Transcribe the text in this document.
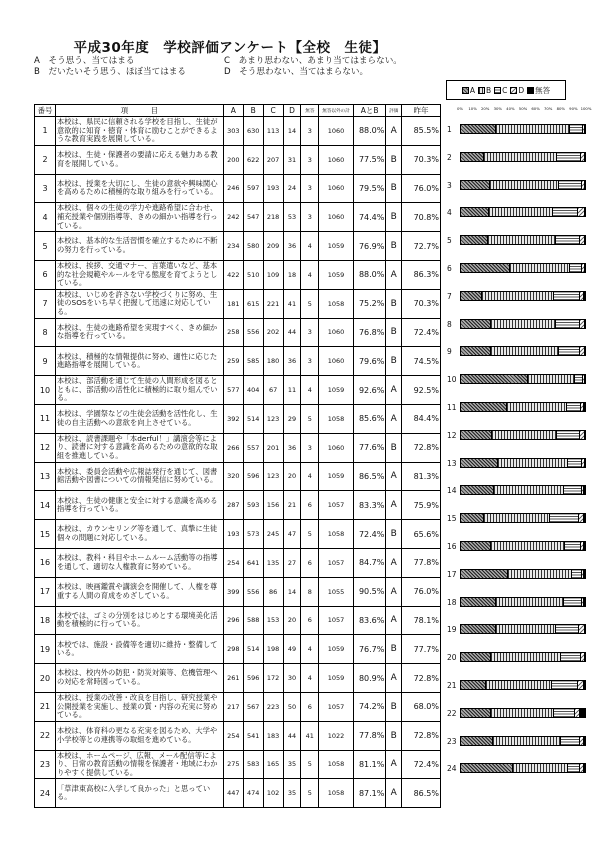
平成30年度　学校評価アンケート【全校　生徒】
A　そう思う、当てはまる	C　あまり思わない、あまり当てはまらない。
B　だいたいそう思う、ほぼ当てはまる	D　そう思わない、当てはまらない。
A B C D 無答
番号	項　　　目	A	B	C	D	無答	無答以外の計	AとB	評価	昨年
1	本校は、県民に信頼される学校を目指し、生徒が意欲的に知育・徳育・体育に励むことができるような教育実践を展開している。	303	630	113	14	3	1060	88.0%	A	85.5%
2	本校は、生徒・保護者の要請に応える魅力ある教育を展開している。	200	622	207	31	3	1060	77.5%	B	70.3%
3	本校は、授業を大切にし、生徒の意欲や興味関心を高めるために積極的な取り組みを行っている。	246	597	193	24	3	1060	79.5%	B	76.0%
4	本校は、個々の生徒の学力や進路希望に合わせ、補充授業や個別指導等、きめの細かい指導を行っている。	242	547	218	53	3	1060	74.4%	B	70.8%
5	本校は、基本的な生活習慣を確立するために不断の努力を行っている。	234	580	209	36	4	1059	76.9%	B	72.7%
6	本校は、挨拶、交通マナー、言葉遣いなど、基本的な社会規範やルールを守る態度を育てようとしている。	422	510	109	18	4	1059	88.0%	A	86.3%
7	本校は、いじめを許さない学校づくりに努め、生徒のSOSをいち早く把握して迅速に対応している。	181	615	221	41	5	1058	75.2%	B	70.3%
8	本校は、生徒の進路希望を実現すべく、きめ細かな指導を行っている。	258	556	202	44	3	1060	76.8%	B	72.4%
9	本校は、積極的な情報提供に努め、適性に応じた進路指導を展開している。	259	585	180	36	3	1060	79.6%	B	74.5%
10	本校は、部活動を通じて生徒の人間形成を図るとともに、部活動の活性化に積極的に取り組んでいる。	577	404	67	11	4	1059	92.6%	A	92.5%
11	本校は、学園祭などの生徒会活動を活性化し、生徒の自主活動への意欲を向上させている。	392	514	123	29	5	1058	85.6%	A	84.4%
12	本校は、読書課題や「本derful！」講演会等により、読書に対する意識を高めるための意欲的な取組を推進している。	266	557	201	36	3	1060	77.6%	B	72.8%
13	本校は、委員会活動や広報誌発行を通じて、図書館活動や図書についての情報発信に努めている。	320	596	123	20	4	1059	86.5%	A	81.3%
14	本校は、生徒の健康と安全に対する意識を高める指導を行っている。	287	593	156	21	6	1057	83.3%	A	75.9%
15	本校は、カウンセリング等を通して、真摯に生徒個々の問題に対応している。	193	573	245	47	5	1058	72.4%	B	65.6%
16	本校は、教科・科目やホームルーム活動等の指導を通して、適切な人権教育に努めている。	254	641	135	27	6	1057	84.7%	A	77.8%
17	本校は、映画鑑賞や講演会を開催して、人権を尊重する人間の育成をめざしている。	399	556	86	14	8	1055	90.5%	A	76.0%
18	本校では、ゴミの分別をはじめとする環境美化活動を積極的に行っている。	296	588	153	20	6	1057	83.6%	A	78.1%
19	本校では、施設・設備等を適切に維持・整備している。	298	514	198	49	4	1059	76.7%	B	77.7%
20	本校は、校内外の防犯・防災対策等、危機管理への対応を常時図っている。	261	596	172	30	4	1059	80.9%	A	72.8%
21	本校は、授業の改善・改良を目指し、研究授業や公開授業を実施し、授業の質・内容の充実に努めている。	217	567	223	50	6	1057	74.2%	B	68.0%
22	本校は、体育科の更なる充実を図るため、大学や小学校等との連携等の取組を進めている。	254	541	183	44	41	1022	77.8%	B	72.8%
23	本校は、ホームページ、広報、メール配信等により、日常の教育活動の情報を保護者・地域にわかりやすく提供している。	275	583	165	35	5	1058	81.1%	A	72.4%
24	「草津東高校に入学して良かった」と思っている。	447	474	102	35	5	1058	87.1%	A	86.5%
0% 10% 20% 30% 40% 50% 60% 70% 80% 90% 100%
1
2
3
4
5
6
7
8
9
10
11
12
13
14
15
16
17
18
19
20
21
22
23
24
